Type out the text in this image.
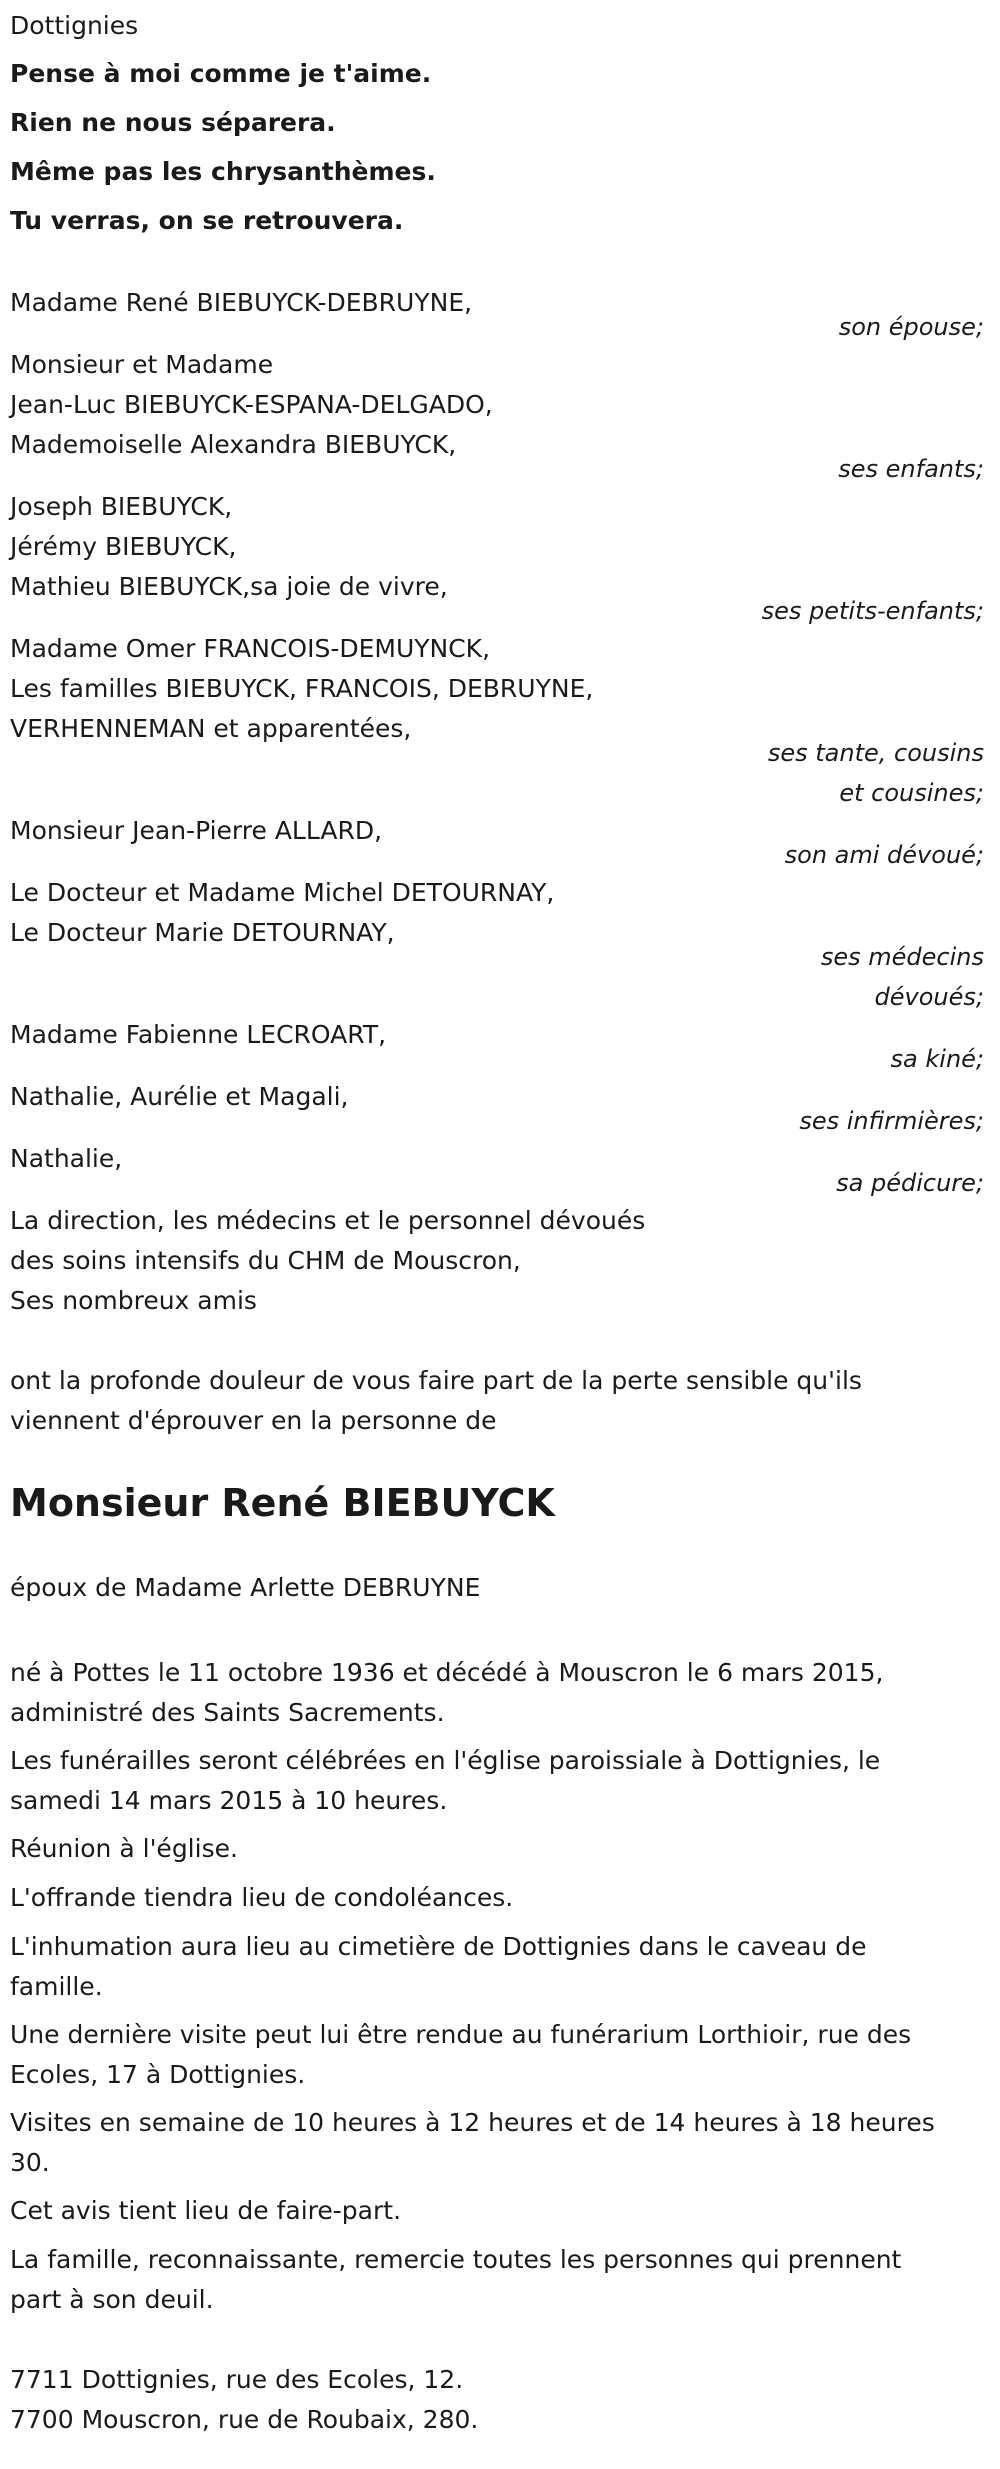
Dottignies
Pense à moi comme je t'aime.
Rien ne nous séparera.
Même pas les chrysanthèmes.
Tu verras, on se retrouvera.
Madame René BIEBUYCK-DEBRUYNE,
son épouse;
Monsieur et Madame
Jean-Luc BIEBUYCK-ESPANA-DELGADO,
Mademoiselle Alexandra BIEBUYCK,
ses enfants;
Joseph BIEBUYCK,
Jérémy BIEBUYCK,
Mathieu BIEBUYCK,sa joie de vivre,
ses petits-enfants;
Madame Omer FRANCOIS-DEMUYNCK,
Les familles BIEBUYCK, FRANCOIS, DEBRUYNE,
VERHENNEMAN et apparentées,
ses tante, cousins
et cousines;
Monsieur Jean-Pierre ALLARD,
son ami dévoué;
Le Docteur et Madame Michel DETOURNAY,
Le Docteur Marie DETOURNAY,
ses médecins
dévoués;
Madame Fabienne LECROART,
sa kiné;
Nathalie, Aurélie et Magali,
ses infirmières;
Nathalie,
sa pédicure;
La direction, les médecins et le personnel dévoués
des soins intensifs du CHM de Mouscron,
Ses nombreux amis
ont la profonde douleur de vous faire part de la perte sensible qu'ils
viennent d'éprouver en la personne de
Monsieur René BIEBUYCK
époux de Madame Arlette DEBRUYNE
né à Pottes le 11 octobre 1936 et décédé à Mouscron le 6 mars 2015,
administré des Saints Sacrements.
Les funérailles seront célébrées en l'église paroissiale à Dottignies, le
samedi 14 mars 2015 à 10 heures.
Réunion à l'église.
L'offrande tiendra lieu de condoléances.
L'inhumation aura lieu au cimetière de Dottignies dans le caveau de
famille.
Une dernière visite peut lui être rendue au funérarium Lorthioir, rue des
Ecoles, 17 à Dottignies.
Visites en semaine de 10 heures à 12 heures et de 14 heures à 18 heures
30.
Cet avis tient lieu de faire-part.
La famille, reconnaissante, remercie toutes les personnes qui prennent
part à son deuil.
7711 Dottignies, rue des Ecoles, 12.
7700 Mouscron, rue de Roubaix, 280.
